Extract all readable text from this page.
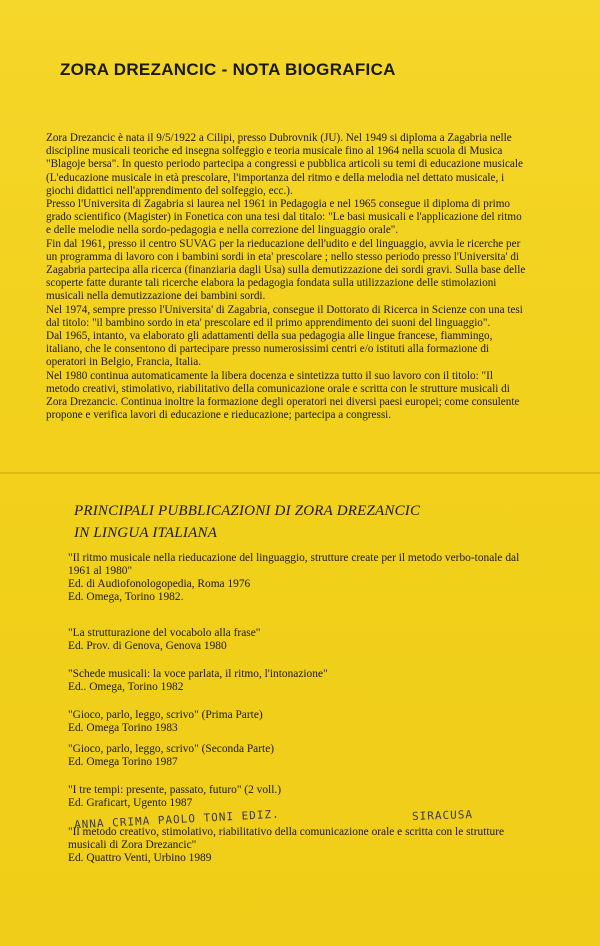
ZORA DREZANCIC - NOTA BIOGRAFICA

Zora Drezancic è nata il 9/5/1922 a Cilipi, presso Dubrovnik (JU). Nel 1949 si diploma a Zagabria nelle discipline musicali teoriche ed insegna solfeggio e teoria musicale fino al 1964 nella scuola di Musica "Blagoje bersa". In questo periodo partecipa a congressi e pubblica articoli su temi di educazione musicale (L'educazione musicale in età prescolare, l'importanza del ritmo e della melodia nel dettato musicale, i giochi didattici nell'apprendimento del solfeggio, ecc.).

Presso l'Universita di Zagabria si laurea nel 1961 in Pedagogia e nel 1965 consegue il diploma di primo grado scientifico (Magister) in Fonetica con una tesi dal titalo: "Le basi musicali e l'applicazione del ritmo e delle melodie nella sordo-pedagogia e nella correzione del linguaggio orale".

Fin dal 1961, presso il centro SUVAG per la rieducazione dell'udito e del linguaggio, avvia le ricerche per un programma di lavoro con i bambini sordi in eta' prescolare ; nello stesso periodo presso l'Universita' di Zagabria partecipa alla ricerca (finanziaria dagli Usa) sulla demutizzazione dei sordi gravi. Sulla base delle scoperte fatte durante tali ricerche elabora la pedagogia fondata sulla utilizzazione delle stimolazioni musicali nella demutizzazione dei bambini sordi.

Nel 1974, sempre presso l'Universita' di Zagabria, consegue il Dottorato di Ricerca in Scienze con una tesi dal titolo: "il bambino sordo in eta' prescolare ed il primo apprendimento dei suoni del linguaggio".

Dal 1965, intanto, va elaborato gli adattamenti della sua pedagogia alle lingue francese, fiammingo, italiano, che le consentono di partecipare presso numerosissimi centri e/o istituti alla formazione di operatori in Belgio, Francia, Italia.

Nel 1980 continua automaticamente la libera docenza e sintetizza tutto il suo lavoro con il titolo: "Il metodo creativi, stimolativo, riabilitativo della comunicazione orale e scritta con le strutture musicali di Zora Drezancic. Continua inoltre la formazione degli operatori nei diversi paesi europei; come consulente propone e verifica lavori di educazione e rieducazione; partecipa a congressi.

PRINCIPALI PUBBLICAZIONI DI ZORA DREZANCIC
IN LINGUA ITALIANA
"Il ritmo musicale nella rieducazione del linguaggio, strutture create per il metodo verbo-tonale dal 1961 al 1980"
Ed. di Audiofonologopedia, Roma 1976
Ed. Omega, Torino 1982.
"La strutturazione del vocabolo alla frase"
Ed. Prov. di Genova, Genova 1980
"Schede musicali: la voce parlata, il ritmo, l'intonazione"
Ed.. Omega, Torino 1982
"Gioco, parlo, leggo, scrivo" (Prima Parte)
Ed. Omega Torino 1983
"Gioco, parlo, leggo, scrivo" (Seconda Parte)
Ed. Omega Torino 1987
"I tre tempi: presente, passato, futuro" (2 voll.)
Ed. Graficart, Ugento 1987
ANNA CRIMA PAOLO TONI EDIZ.	SIRACUSA
"Il metodo creativo, stimolativo, riabilitativo della comunicazione orale e scritta con le strutture musicali di Zora Drezancic"
Ed. Quattro Venti, Urbino 1989
